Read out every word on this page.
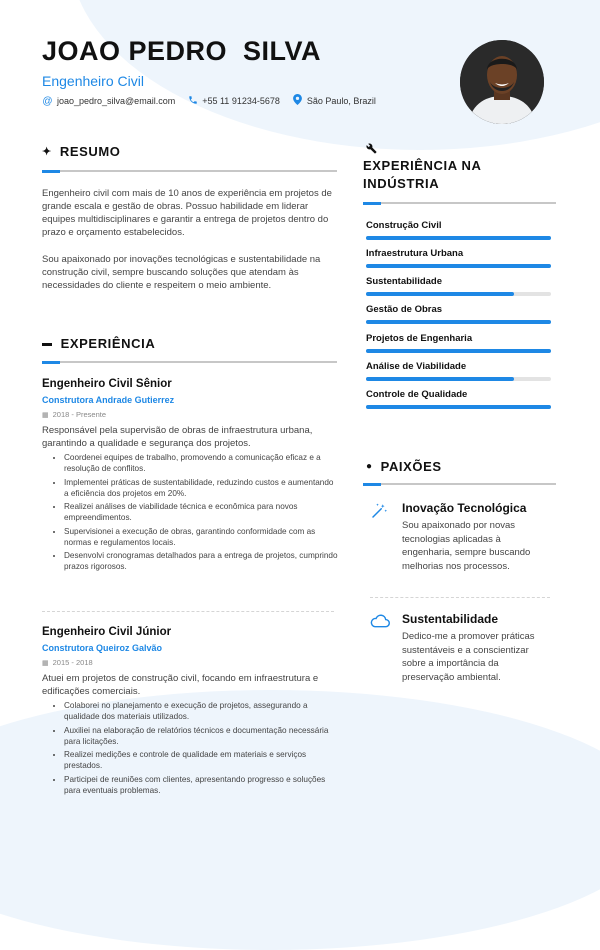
JOAO PEDRO  SILVA
Engenheiro Civil
@ joao_pedro_silva@email.com	+55 11 91234-5678	São Paulo, Brazil
✦ RESUMO

Engenheiro civil com mais de 10 anos de experiência em projetos de grande escala e gestão de obras. Possuo habilidade em liderar equipes multidisciplinares e garantir a entrega de projetos dentro do prazo e orçamento estabelecidos.

Sou apaixonado por inovações tecnológicas e sustentabilidade na construção civil, sempre buscando soluções que atendam às necessidades do cliente e respeitem o meio ambiente.

▬ EXPERIÊNCIA
Engenheiro Civil Sênior
Construtora Andrade Gutierrez
▦ 2018 - Presente
Responsável pela supervisão de obras de infraestrutura urbana, garantindo a qualidade e segurança dos projetos.
• Coordenei equipes de trabalho, promovendo a comunicação eficaz e a resolução de conflitos.
• Implementei práticas de sustentabilidade, reduzindo custos e aumentando a eficiência dos projetos em 20%.
• Realizei análises de viabilidade técnica e econômica para novos empreendimentos.
• Supervisionei a execução de obras, garantindo conformidade com as normas e regulamentos locais.
• Desenvolvi cronogramas detalhados para a entrega de projetos, cumprindo prazos rigorosos.
Engenheiro Civil Júnior
Construtora Queiroz Galvão
▦ 2015 - 2018
Atuei em projetos de construção civil, focando em infraestrutura e edificações comerciais.
• Colaborei no planejamento e execução de projetos, assegurando a qualidade dos materiais utilizados.
• Auxiliei na elaboração de relatórios técnicos e documentação necessária para licitações.
• Realizei medições e controle de qualidade em materiais e serviços prestados.
• Participei de reuniões com clientes, apresentando progresso e soluções para eventuais problemas.
EXPERIÊNCIA NA INDÚSTRIA
Construção Civil
Infraestrutura Urbana
Sustentabilidade
Gestão de Obras
Projetos de Engenharia
Análise de Viabilidade
Controle de Qualidade
● PAIXÕES
Inovação Tecnológica
Sou apaixonado por novas tecnologias aplicadas à engenharia, sempre buscando melhorias nos processos.
Sustentabilidade
Dedico-me a promover práticas sustentáveis e a conscientizar sobre a importância da preservação ambiental.
